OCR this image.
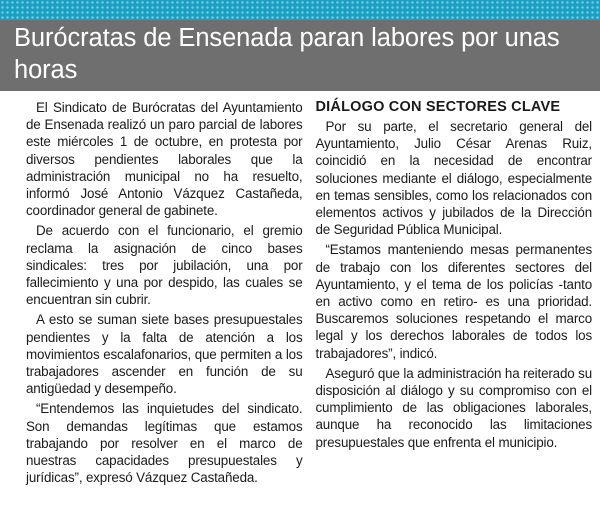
Burócratas de Ensenada paran labores por unas horas

El Sindicato de Burócratas del Ayuntamiento de Ensenada realizó un paro parcial de labores este miércoles 1 de octubre, en protesta por diversos pendientes laborales que la administración municipal no ha resuelto, informó José Antonio Vázquez Castañeda, coordinador general de gabinete.

De acuerdo con el funcionario, el gremio reclama la asignación de cinco bases sindicales: tres por jubilación, una por fallecimiento y una por despido, las cuales se encuentran sin cubrir.

A esto se suman siete bases presupuestales pendientes y la falta de atención a los movimientos escalafonarios, que permiten a los trabajadores ascender en función de su antigüedad y desempeño.

“Entendemos las inquietudes del sindicato. Son demandas legítimas que estamos trabajando por resolver en el marco de nuestras capacidades presupuestales y jurídicas”, expresó Vázquez Castañeda.

DIÁLOGO CON SECTORES CLAVE

Por su parte, el secretario general del Ayuntamiento, Julio César Arenas Ruiz, coincidió en la necesidad de encontrar soluciones mediante el diálogo, especialmente en temas sensibles, como los relacionados con elementos activos y jubilados de la Dirección de Seguridad Pública Municipal.

“Estamos manteniendo mesas permanentes de trabajo con los diferentes sectores del Ayuntamiento, y el tema de los policías -tanto en activo como en retiro- es una prioridad. Buscaremos soluciones respetando el marco legal y los derechos laborales de todos los trabajadores”, indicó.

Aseguró que la administración ha reiterado su disposición al diálogo y su compromiso con el cumplimiento de las obligaciones laborales, aunque ha reconocido las limitaciones presupuestales que enfrenta el municipio.
